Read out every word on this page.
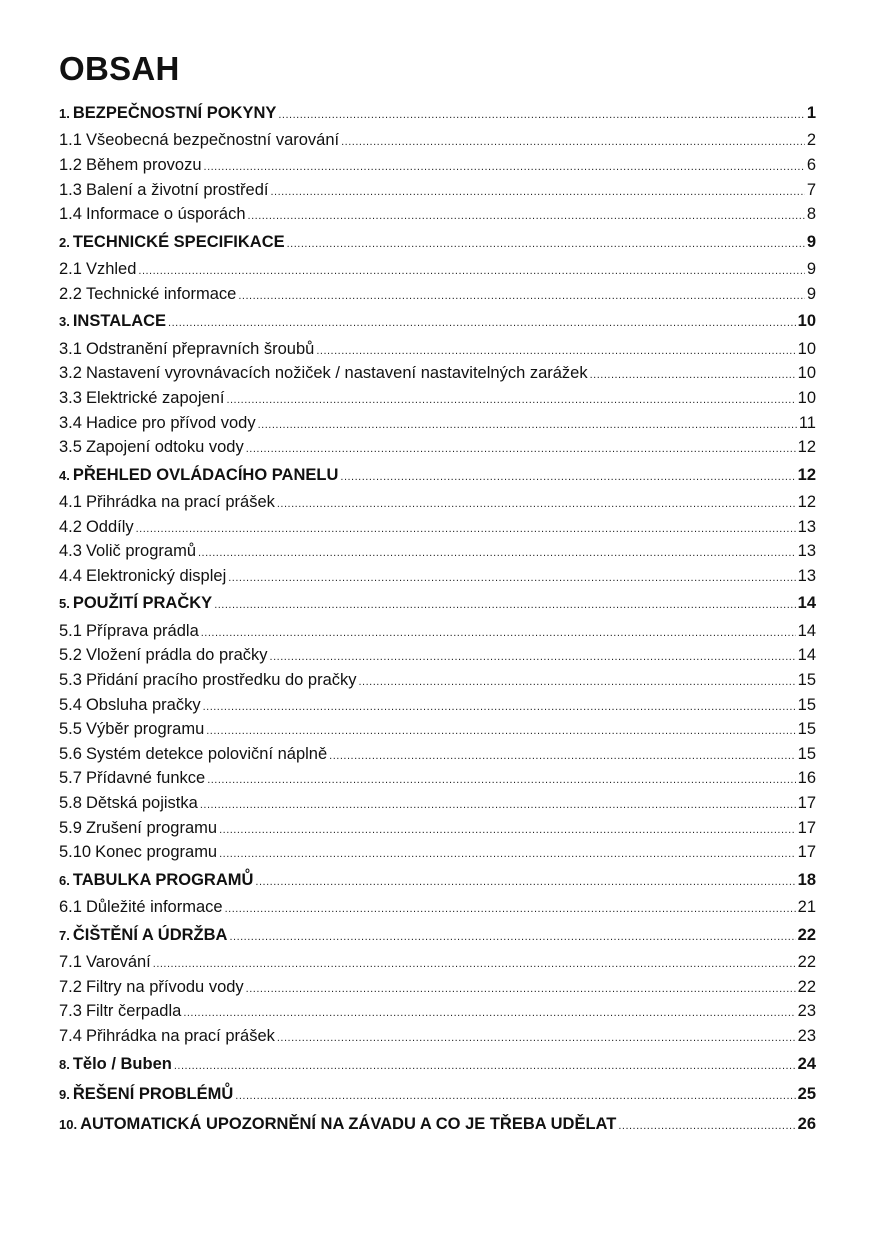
OBSAH
1. BEZPEČNOSTNÍ POKYNY .....	1
1.1 Všeobecná bezpečnostní varování .....	2
1.2 Během provozu .....	6
1.3 Balení a životní prostředí .....	7
1.4 Informace o úsporách .....	8
2. TECHNICKÉ SPECIFIKACE .....	9
2.1 Vzhled .....	9
2.2 Technické informace .....	9
3. INSTALACE .....	10
3.1 Odstranění přepravních šroubů .....	10
3.2 Nastavení vyrovnávacích nožiček / nastavení nastavitelných zarážek .....	10
3.3 Elektrické zapojení .....	10
3.4 Hadice pro přívod vody .....	11
3.5 Zapojení odtoku vody .....	12
4. PŘEHLED OVLÁDACÍHO PANELU .....	12
4.1 Přihrádka na prací prášek .....	12
4.2 Oddíly .....	13
4.3 Volič programů .....	13
4.4 Elektronický displej .....	13
5. POUŽITÍ PRAČKY .....	14
5.1 Příprava prádla .....	14
5.2 Vložení prádla do pračky .....	14
5.3 Přidání pracího prostředku do pračky .....	15
5.4 Obsluha pračky .....	15
5.5 Výběr programu .....	15
5.6 Systém detekce poloviční náplně .....	15
5.7 Přídavné funkce .....	16
5.8 Dětská pojistka .....	17
5.9 Zrušení programu .....	17
5.10 Konec programu .....	17
6. TABULKA PROGRAMŮ .....	18
6.1 Důležité informace .....	21
7. ČIŠTĚNÍ A ÚDRŽBA .....	22
7.1 Varování .....	22
7.2 Filtry na přívodu vody .....	22
7.3 Filtr čerpadla .....	23
7.4 Přihrádka na prací prášek .....	23
8. Tělo / Buben .....	24
9. ŘEŠENÍ PROBLÉMŮ .....	25
10. AUTOMATICKÁ UPOZORNĚNÍ NA ZÁVADU A CO JE TŘEBA UDĚLAT .....	26
